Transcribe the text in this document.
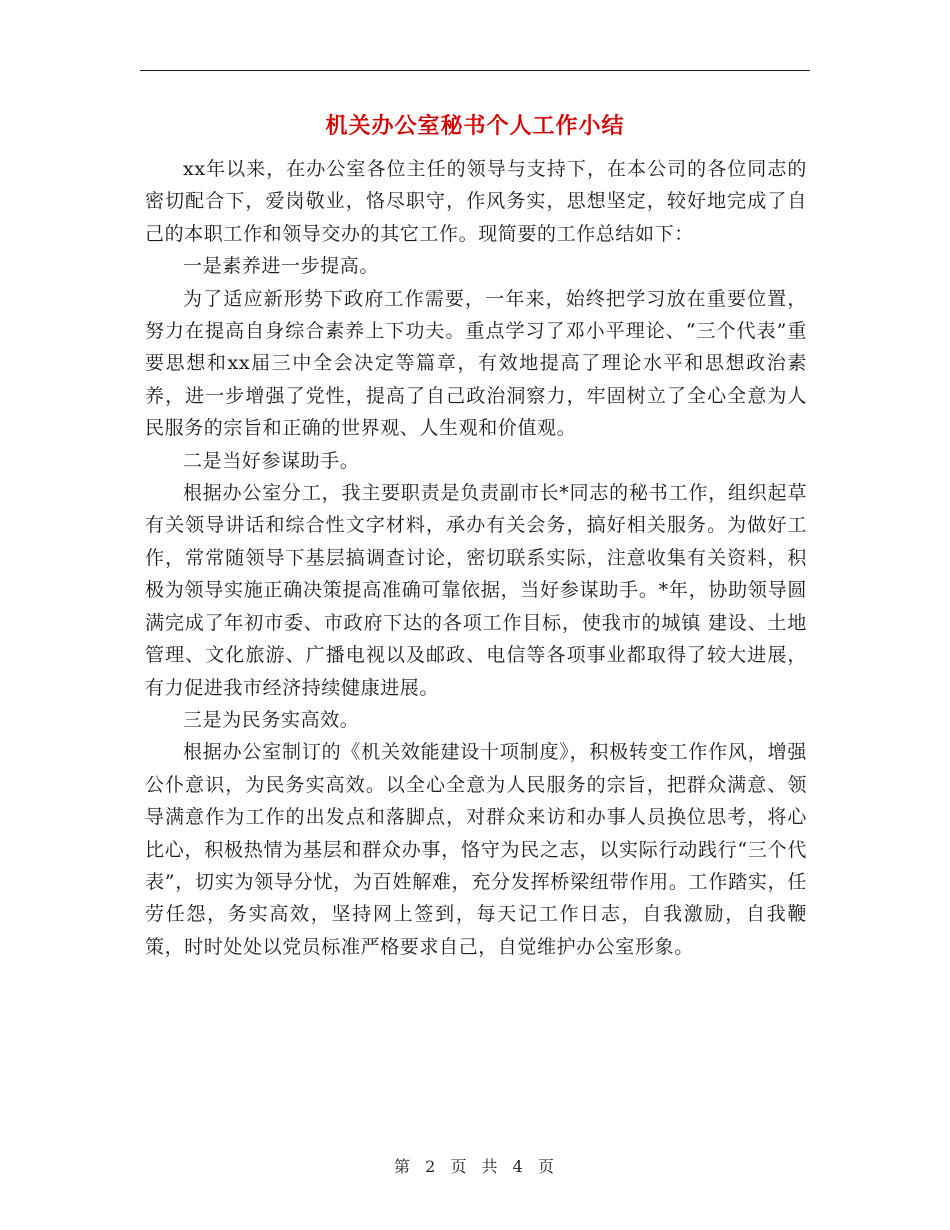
机关办公室秘书个人工作小结

xx年以来，在办公室各位主任的领导与支持下，在本公司的各位同志的密切配合下，爱岗敬业，恪尽职守，作风务实，思想坚定，较好地完成了自己的本职工作和领导交办的其它工作。现简要的工作总结如下：

一是素养进一步提高。

为了适应新形势下政府工作需要，一年来，始终把学习放在重要位置，努力在提高自身综合素养上下功夫。重点学习了邓小平理论、“三个代表”重要思想和xx届三中全会决定等篇章，有效地提高了理论水平和思想政治素养，进一步增强了党性，提高了自己政治洞察力，牢固树立了全心全意为人民服务的宗旨和正确的世界观、人生观和价值观。

二是当好参谋助手。

根据办公室分工，我主要职责是负责副市长*同志的秘书工作，组织起草有关领导讲话和综合性文字材料，承办有关会务，搞好相关服务。为做好工作，常常随领导下基层搞调查讨论，密切联系实际，注意收集有关资料，积极为领导实施正确决策提高准确可靠依据，当好参谋助手。*年，协助领导圆满完成了年初市委、市政府下达的各项工作目标，使我市的城镇 建设、土地管理、文化旅游、广播电视以及邮政、电信等各项事业都取得了较大进展，有力促进我市经济持续健康进展。

三是为民务实高效。

根据办公室制订的《机关效能建设十项制度》，积极转变工作作风，增强公仆意识，为民务实高效。以全心全意为人民服务的宗旨，把群众满意、领导满意作为工作的出发点和落脚点，对群众来访和办事人员换位思考，将心比心，积极热情为基层和群众办事，恪守为民之志，以实际行动践行“三个代表”，切实为领导分忧，为百姓解难，充分发挥桥梁纽带作用。工作踏实，任劳任怨，务实高效，坚持网上签到，每天记工作日志，自我激励，自我鞭策，时时处处以党员标准严格要求自己，自觉维护办公室形象。

第 2 页 共 4 页
